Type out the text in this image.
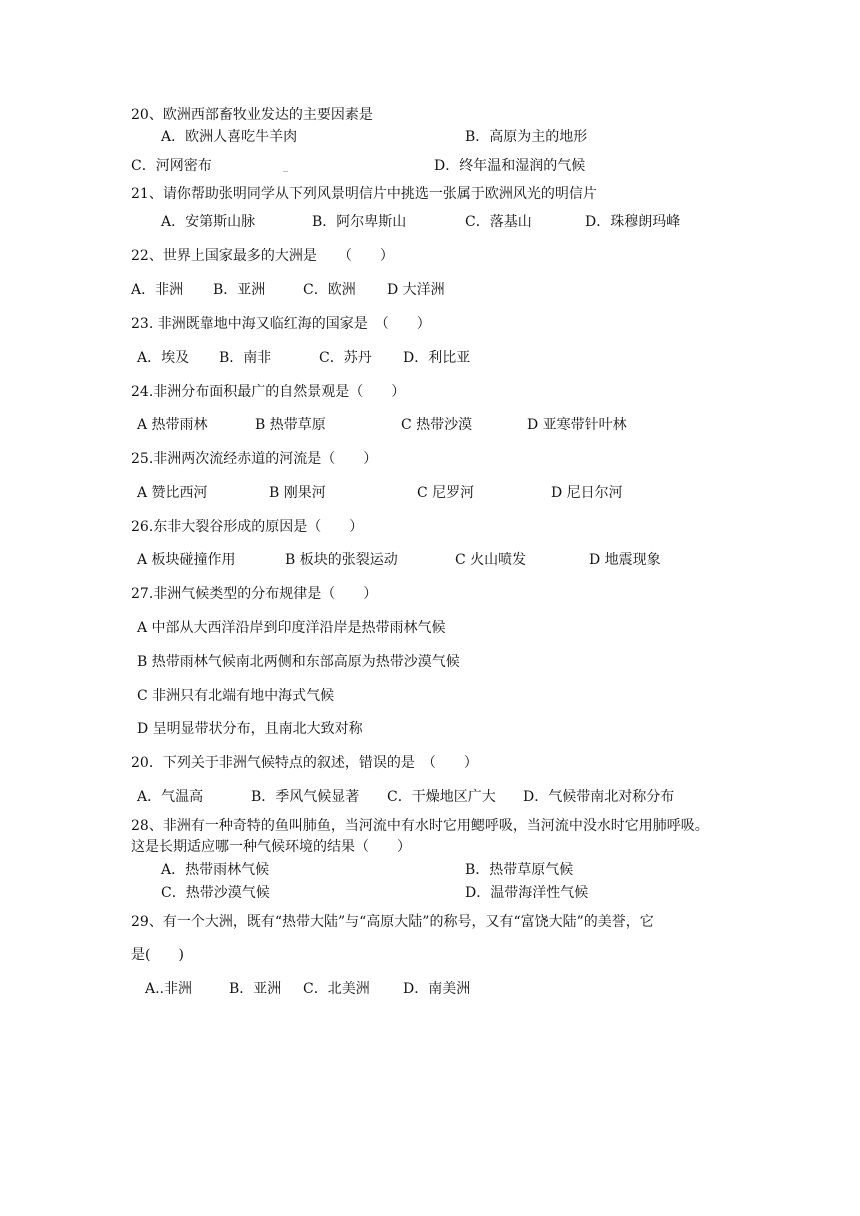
20、欧洲西部畜牧业发达的主要因素是
A．欧洲人喜吃牛羊肉	B．高原为主的地形
C．河网密布	D．终年温和湿润的气候
21、请你帮助张明同学从下列风景明信片中挑选一张属于欧洲风光的明信片
A．安第斯山脉	B．阿尔卑斯山	C．落基山	D．珠穆朗玛峰
22、世界上国家最多的大洲是　　（　　）
A．非洲 B．亚洲	C．欧洲 D 大洋洲
23. 非洲既靠地中海又临红海的国家是　（　　）
A．埃及 B．南非	C．苏丹 D．利比亚
24.非洲分布面积最广的自然景观是（　　）
A 热带雨林	B 热带草原	C 热带沙漠	D 亚寒带针叶林
25.非洲两次流经赤道的河流是（　　）
A 赞比西河	B 刚果河	C 尼罗河	D 尼日尔河
26.东非大裂谷形成的原因是（　　）
A 板块碰撞作用	B 板块的张裂运动	C 火山喷发	D 地震现象
27.非洲气候类型的分布规律是（　　）
A 中部从大西洋沿岸到印度洋沿岸是热带雨林气候
B 热带雨林气候南北两侧和东部高原为热带沙漠气候
C 非洲只有北端有地中海式气候
D 呈明显带状分布，且南北大致对称
20．下列关于非洲气候特点的叙述，错误的是　（　　）
A．气温高	B．季风气候显著 C．干燥地区广大 D．气候带南北对称分布
28、非洲有一种奇特的鱼叫肺鱼，当河流中有水时它用鳃呼吸，当河流中没水时它用肺呼吸。
这是长期适应哪一种气候环境的结果（　　）
A．热带雨林气候	B．热带草原气候
C．热带沙漠气候	D．温带海洋性气候
29、有一个大洲，既有“热带大陆”与“高原大陆”的称号，又有“富饶大陆”的美誉，它
是(　　)
A..非洲	B．亚洲 C．北美洲 D．南美洲
